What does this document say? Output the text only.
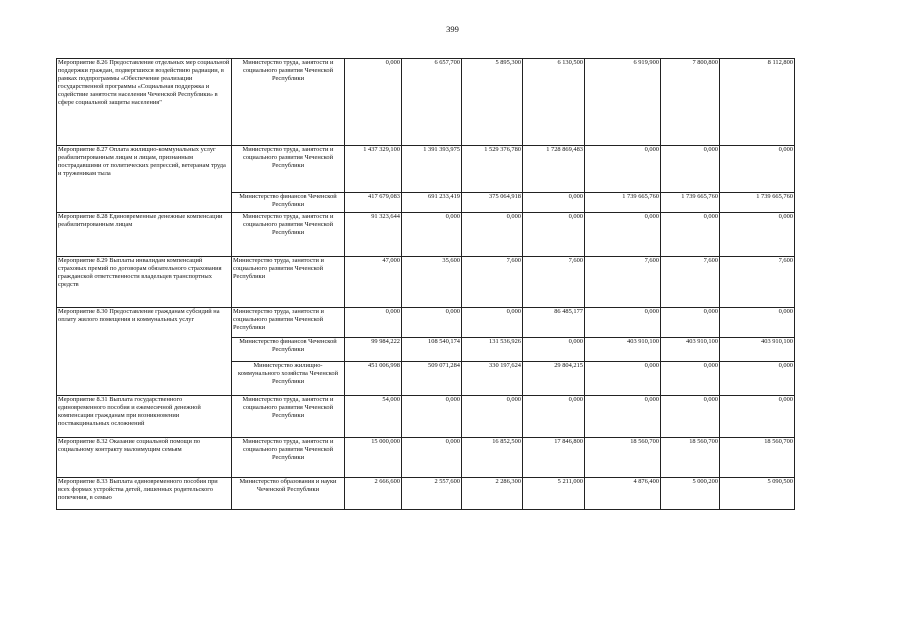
399
Мероприятие 8.26 Предоставление отдельных мер социальной поддержки граждан, подвергшихся воздействию радиации, в рамках подпрограммы «Обеспечение реализации государственной программы «Социальная поддержка и содействие занятости населения Чеченской Республики» в сфере социальной защиты населения"	Министерство труда, занятости и социального развития Чеченской Республики	0,000	6 657,700	5 895,300	6 130,500	6 919,900	7 800,800	8 112,800
Мероприятие 8.27 Оплата жилищно-коммунальных услуг реабилитированным лицам и лицам, признанным пострадавшими от политических репрессий, ветеранам труда и труженикам тыла	Министерство труда, занятости и социального развития Чеченской Республики	1 437 329,100	1 391 393,975	1 529 376,780	1 728 869,483	0,000	0,000	0,000
	Министерство финансов Чеченской Республики	417 679,083	691 233,419	375 064,918	0,000	1 739 665,760	1 739 665,760	1 739 665,760
Мероприятие 8.28 Единовременные денежные компенсации реабилитированным лицам	Министерство труда, занятости и социального развития Чеченской Республики	91 323,644	0,000	0,000	0,000	0,000	0,000	0,000
Мероприятие 8.29 Выплаты инвалидам компенсаций страховых премий по договорам обязательного страхования гражданской ответственности владельцев транспортных средств	Министерство труда, занятости и социального развития Чеченской Республики	47,000	35,600	7,600	7,600	7,600	7,600	7,600
Мероприятие 8.30 Предоставление гражданам субсидий на оплату жилого помещения и коммунальных услуг	Министерство труда, занятости и социального развития Чеченской Республики	0,000	0,000	0,000	86 485,177	0,000	0,000	0,000
	Министерство финансов Чеченской Республики	99 984,222	108 540,174	131 536,926	0,000	403 910,100	403 910,100	403 910,100
	Министерство жилищно-коммунального хозяйства Чеченской Республики	451 006,998	509 071,284	330 197,624	29 804,215	0,000	0,000	0,000
Мероприятие 8.31 Выплата государственного единовременного пособия и ежемесячной денежной компенсации гражданам при возникновении поствакцинальных осложнений	Министерство труда, занятости и социального развития Чеченской Республики	54,000	0,000	0,000	0,000	0,000	0,000	0,000
Мероприятие 8.32 Оказание социальной помощи по социальному контракту малоимущим семьям	Министерство труда, занятости и социального развития Чеченской Республики	15 000,000	0,000	16 852,500	17 846,800	18 560,700	18 560,700	18 560,700
Мероприятие 8.33 Выплата единовременного пособия при всех формах устройства детей, лишенных родительского попечения, в семью	Министерство образования и науки Чеченской Республики	2 666,600	2 557,600	2 286,300	5 211,000	4 876,400	5 000,200	5 090,500
